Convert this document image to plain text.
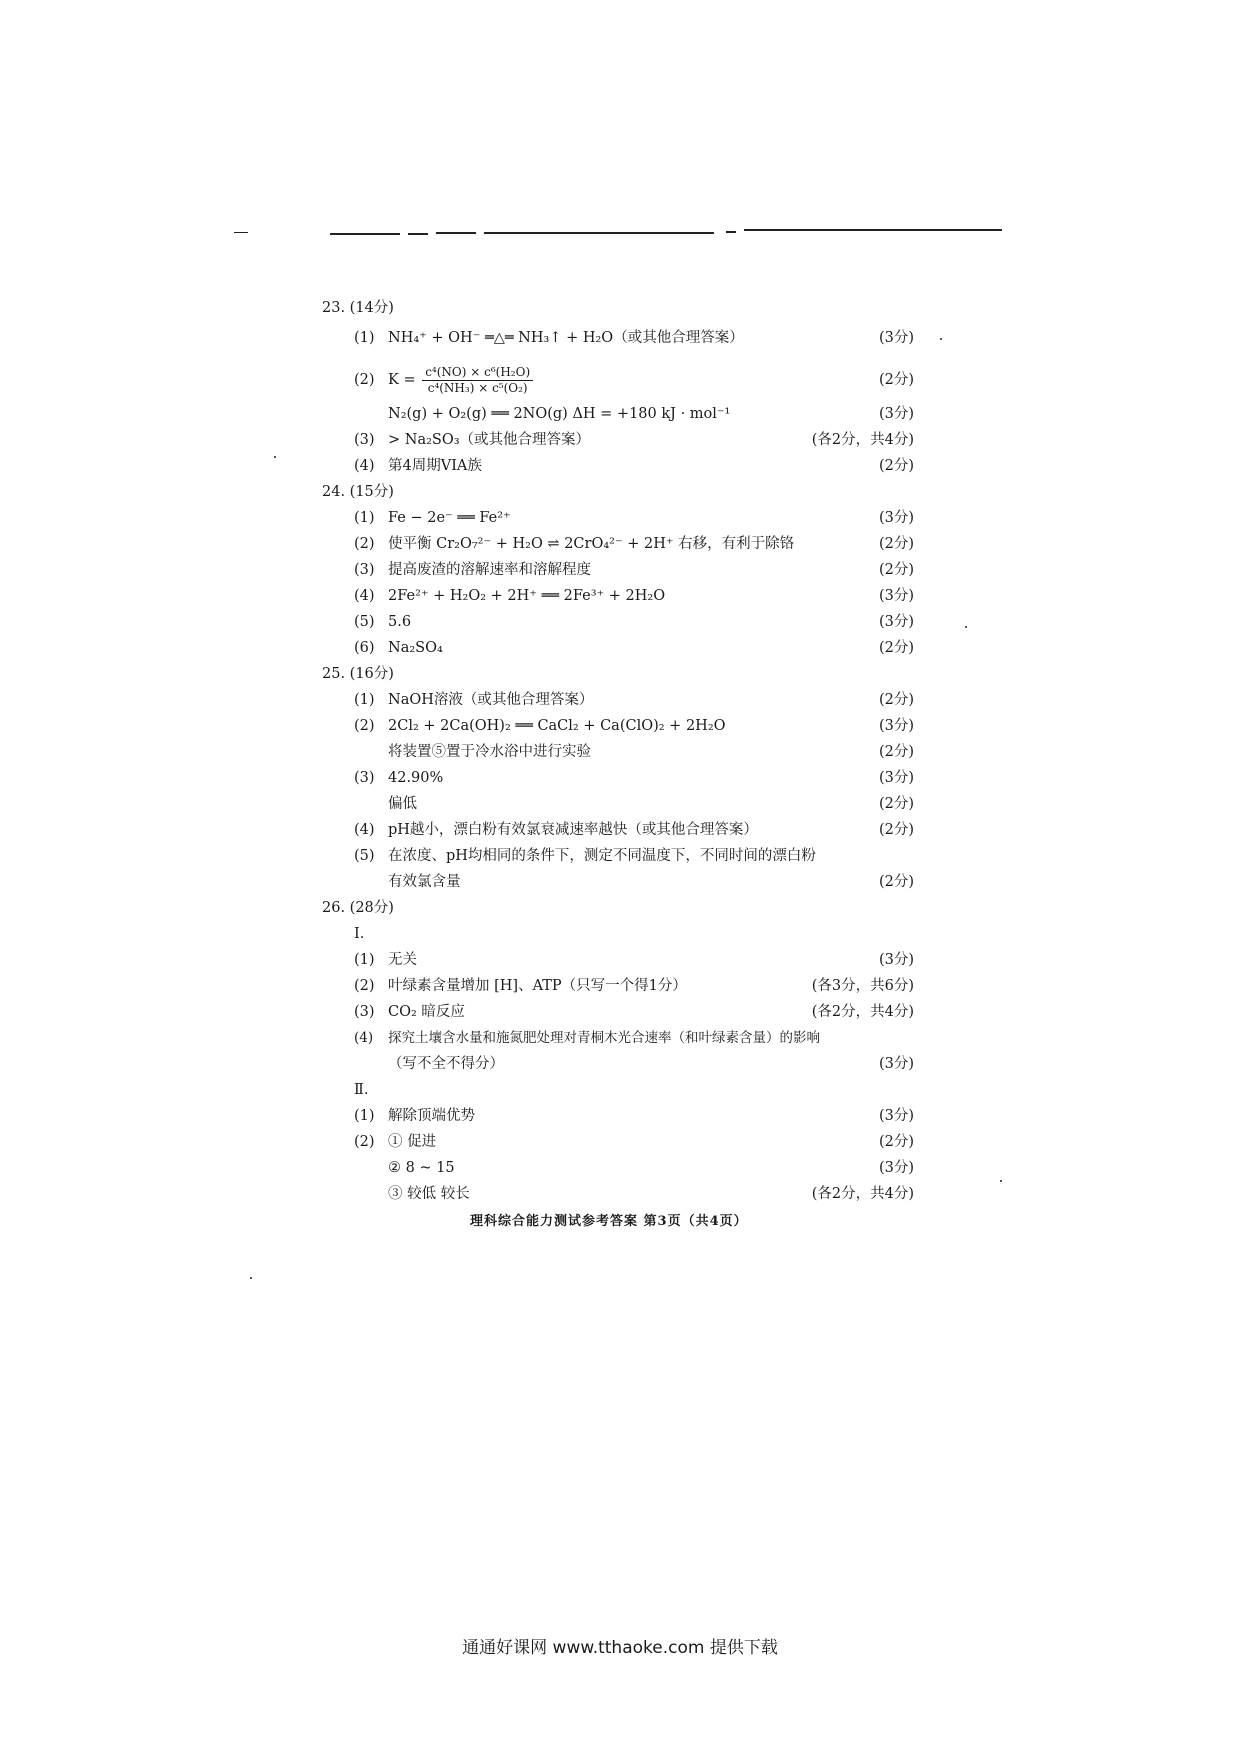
23. (14分)
(1) NH₄⁺ + OH⁻ ═△═ NH₃↑ + H₂O（或其他合理答案）	(3分)
(2) $K = \frac{\text{c⁴(NO) × c⁶(H₂O)}}{\text{c⁴(NH₃) × c⁵(O₂)}}$	(2分)
N₂(g) + O₂(g) ══ 2NO(g) ΔH = +180 kJ · mol⁻¹	(3分)
(3) > Na₂SO₃（或其他合理答案）	(各2分，共4分)
(4) 第4周期VIA族	(2分)
24. (15分)
(1) Fe − 2e⁻ ══ Fe²⁺	(3分)
(2) 使平衡 Cr₂O₇²⁻ + H₂O ⇌ 2CrO₄²⁻ + 2H⁺ 右移，有利于除铬	(2分)
(3) 提高废渣的溶解速率和溶解程度	(2分)
(4) 2Fe²⁺ + H₂O₂ + 2H⁺ ══ 2Fe³⁺ + 2H₂O	(3分)
(5) 5.6	(3分)
(6) Na₂SO₄	(2分)
25. (16分)
(1) NaOH溶液（或其他合理答案）	(2分)
(2) 2Cl₂ + 2Ca(OH)₂ ══ CaCl₂ + Ca(ClO)₂ + 2H₂O	(3分)
将装置⑤置于冷水浴中进行实验	(2分)
(3) 42.90%	(3分)
偏低	(2分)
(4) pH越小，漂白粉有效氯衰减速率越快（或其他合理答案）	(2分)
(5) 在浓度、pH均相同的条件下，测定不同温度下，不同时间的漂白粉
有效氯含量	(2分)
26. (28分)
Ⅰ.
(1) 无关	(3分)
(2) 叶绿素含量增加 [H]、ATP（只写一个得1分）	(各3分，共6分)
(3) CO₂ 暗反应	(各2分，共4分)
(4) 探究土壤含水量和施氮肥处理对青桐木光合速率（和叶绿素含量）的影响
（写不全不得分）	(3分)
Ⅱ.
(1) 解除顶端优势	(3分)
(2) ① 促进	(2分)
② 8 ~ 15	(3分)
③ 较低 较长	(各2分，共4分)
理科综合能力测试参考答案 第3页（共4页）
通通好课网 www.tthaoke.com 提供下载
